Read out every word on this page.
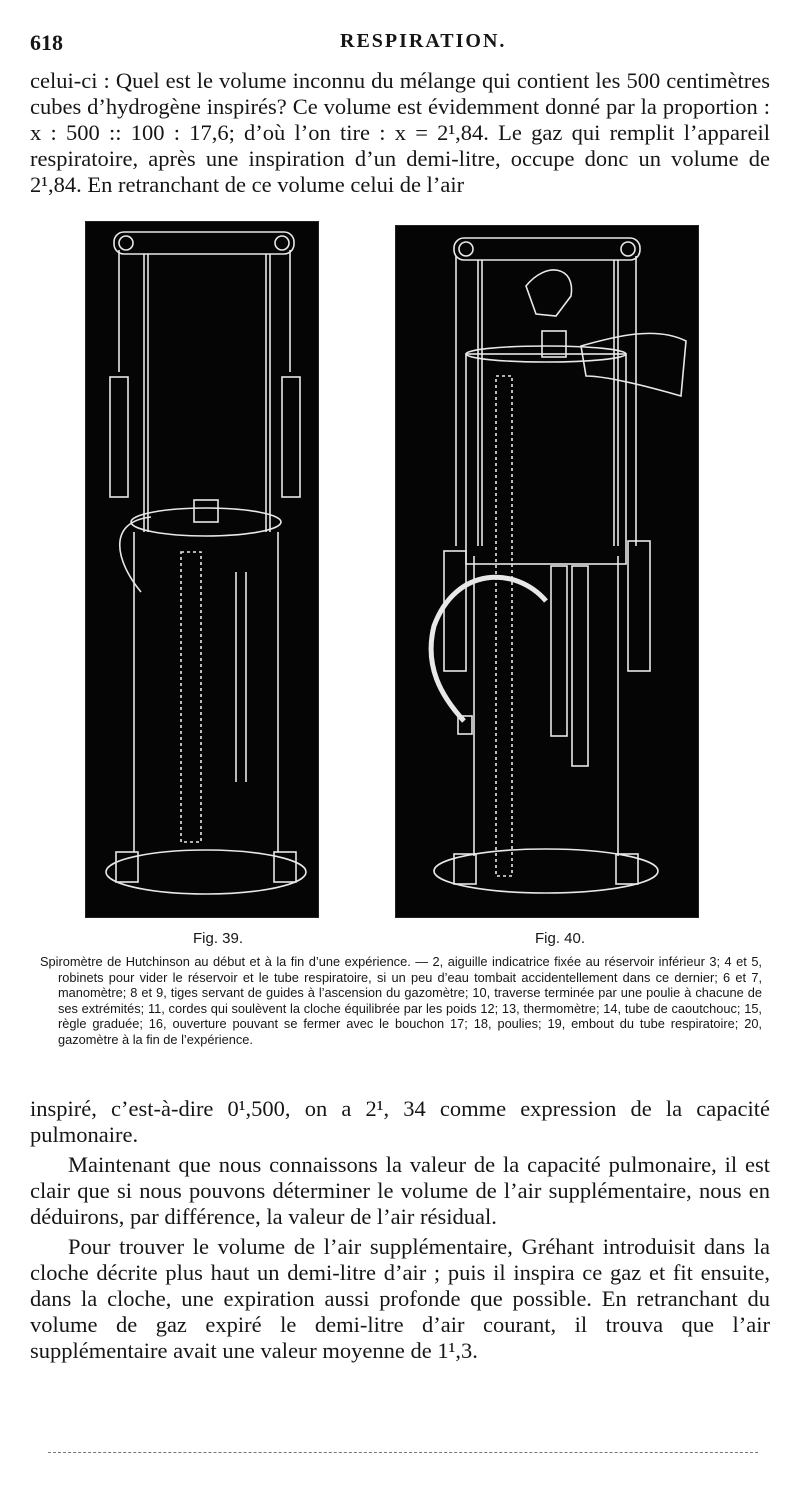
618	RESPIRATION.

celui-ci : Quel est le volume inconnu du mélange qui contient les 500 centimètres cubes d’hydrogène inspirés? Ce volume est évidemment donné par la proportion : x : 500 :: 100 : 17,6; d’où l’on tire : x = 2¹,84. Le gaz qui remplit l’appareil respiratoire, après une inspiration d’un demi-litre, occupe donc un volume de 2¹,84. En retranchant de ce volume celui de l’air

Fig. 39.	Fig. 40.
Spiromètre de Hutchinson au début et à la fin d’une expérience. — 2, aiguille indicatrice fixée au réservoir inférieur 3; 4 et 5, robinets pour vider le réservoir et le tube respiratoire, si un peu d’eau tombait accidentellement dans ce dernier; 6 et 7, manomètre; 8 et 9, tiges servant de guides à l’ascension du gazomètre; 10, traverse terminée par une poulie à chacune de ses extrémités; 11, cordes qui soulèvent la cloche équilibrée par les poids 12; 13, thermomètre; 14, tube de caoutchouc; 15, règle graduée; 16, ouverture pouvant se fermer avec le bouchon 17; 18, poulies; 19, embout du tube respiratoire; 20, gazomètre à la fin de l’expérience.

inspiré, c’est-à-dire 0¹,500, on a 2¹, 34 comme expression de la capacité pulmonaire.

Maintenant que nous connaissons la valeur de la capacité pulmonaire, il est clair que si nous pouvons déterminer le volume de l’air supplémentaire, nous en déduirons, par différence, la valeur de l’air résidual.

Pour trouver le volume de l’air supplémentaire, Gréhant introduisit dans la cloche décrite plus haut un demi-litre d’air ; puis il inspira ce gaz et fit ensuite, dans la cloche, une expiration aussi profonde que possible. En retranchant du volume de gaz expiré le demi-litre d’air courant, il trouva que l’air supplémentaire avait une valeur moyenne de 1¹,3.
